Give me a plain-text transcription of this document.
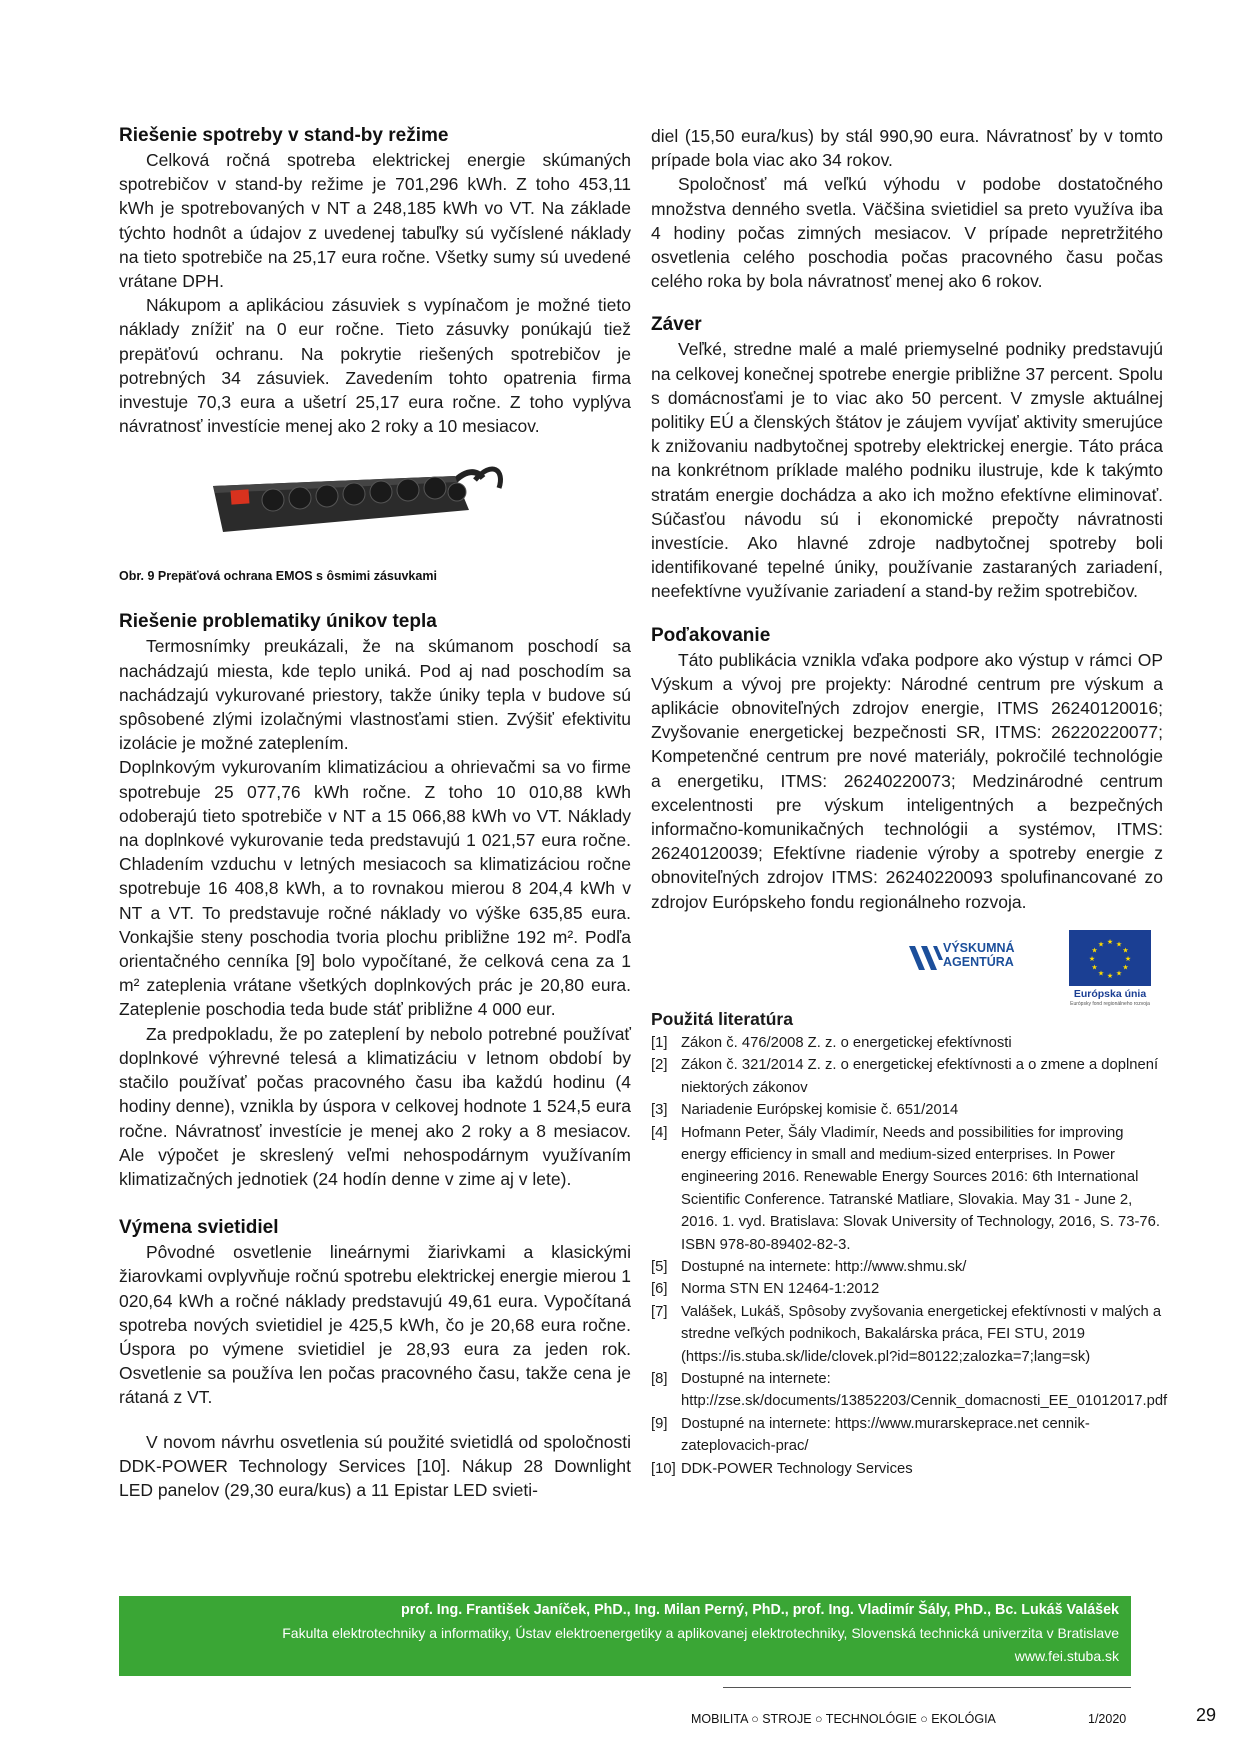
Riešenie spotreby v stand-by režime

Celková ročná spotreba elektrickej energie skúmaných spotrebičov v stand-by režime je 701,296 kWh. Z toho 453,11 kWh je spotrebovaných v NT a 248,185 kWh vo VT. Na základe týchto hodnôt a údajov z uvedenej tabuľky sú vyčíslené náklady na tieto spotrebiče na 25,17 eura ročne. Všetky sumy sú uvedené vrátane DPH.

Nákupom a aplikáciou zásuviek s vypínačom je možné tieto náklady znížiť na 0 eur ročne. Tieto zásuvky ponúkajú tiež prepäťovú ochranu. Na pokrytie riešených spotrebičov je potrebných 34 zásuviek. Zavedením tohto opatrenia firma investuje 70,3 eura a ušetrí 25,17 eura ročne. Z toho vyplýva návratnosť investície menej ako 2 roky a 10 mesiacov.

Obr. 9 Prepäťová ochrana EMOS s ôsmimi zásuvkami
Riešenie problematiky únikov tepla

Termosnímky preukázali, že na skúmanom poschodí sa nachádzajú miesta, kde teplo uniká. Pod aj nad poschodím sa nachádzajú vykurované priestory, takže úniky tepla v budove sú spôsobené zlými izolačnými vlastnosťami stien. Zvýšiť efektivitu izolácie je možné zateplením.

Doplnkovým vykurovaním klimatizáciou a ohrievačmi sa vo firme spotrebuje 25 077,76 kWh ročne. Z toho 10 010,88 kWh odoberajú tieto spotrebiče v NT a 15 066,88 kWh vo VT. Náklady na doplnkové vykurovanie teda predstavujú 1 021,57 eura ročne. Chladením vzduchu v letných mesiacoch sa klimatizáciou ročne spotrebuje 16 408,8 kWh, a to rovnakou mierou 8 204,4 kWh v NT a VT. To predstavuje ročné náklady vo výške 635,85 eura. Vonkajšie steny poschodia tvoria plochu približne 192 m². Podľa orientačného cenníka [9] bolo vypočítané, že celková cena za 1 m² zateplenia vrátane všetkých doplnkových prác je 20,80 eura. Zateplenie poschodia teda bude stáť približne 4 000 eur.

Za predpokladu, že po zateplení by nebolo potrebné používať doplnkové výhrevné telesá a klimatizáciu v letnom období by stačilo používať počas pracovného času iba každú hodinu (4 hodiny denne), vznikla by úspora v celkovej hodnote 1 524,5 eura ročne. Návratnosť investície je menej ako 2 roky a 8 mesiacov. Ale výpočet je skreslený veľmi nehospodárnym využívaním klimatizačných jednotiek (24 hodín denne v zime aj v lete).

Výmena svietidiel

Pôvodné osvetlenie lineárnymi žiarivkami a klasickými žiarovkami ovplyvňuje ročnú spotrebu elektrickej energie mierou 1 020,64 kWh a ročné náklady predstavujú 49,61 eura. Vypočítaná spotreba nových svietidiel je 425,5 kWh, čo je 20,68 eura ročne. Úspora po výmene svietidiel je 28,93 eura za jeden rok. Osvetlenie sa používa len počas pracovného času, takže cena je rátaná z VT.

V novom návrhu osvetlenia sú použité svietidlá od spoločnosti DDK-POWER Technology Services [10]. Nákup 28 Downlight LED panelov (29,30 eura/kus) a 11 Epistar LED svieti-

diel (15,50 eura/kus) by stál 990,90 eura. Návratnosť by v tomto prípade bola viac ako 34 rokov.

Spoločnosť má veľkú výhodu v podobe dostatočného množstva denného svetla. Väčšina svietidiel sa preto využíva iba 4 hodiny počas zimných mesiacov. V prípade nepretržitého osvetlenia celého poschodia počas pracovného času počas celého roka by bola návratnosť menej ako 6 rokov.

Záver

Veľké, stredne malé a malé priemyselné podniky predstavujú na celkovej konečnej spotrebe energie približne 37 percent. Spolu s domácnosťami je to viac ako 50 percent. V zmysle aktuálnej politiky EÚ a členských štátov je záujem vyvíjať aktivity smerujúce k znižovaniu nadbytočnej spotreby elektrickej energie. Táto práca na konkrétnom príklade malého podniku ilustruje, kde k takýmto stratám energie dochádza a ako ich možno efektívne eliminovať. Súčasťou návodu sú i ekonomické prepočty návratnosti investície. Ako hlavné zdroje nadbytočnej spotreby boli identifikované tepelné úniky, používanie zastaraných zariadení, neefektívne využívanie zariadení a stand-by režim spotrebičov.

Poďakovanie

Táto publikácia vznikla vďaka podpore ako výstup v rámci OP Výskum a vývoj pre projekty: Národné centrum pre výskum a aplikácie obnoviteľných zdrojov energie, ITMS 26240120016; Zvyšovanie energetickej bezpečnosti SR, ITMS: 26220220077; Kompetenčné centrum pre nové materiály, pokročilé technológie a energetiku, ITMS: 26240220073; Medzinárodné centrum excelentnosti pre výskum inteligentných a bezpečných informačno-komunikačných technológii a systémov, ITMS: 26240120039; Efektívne riadenie výroby a spotreby energie z obnoviteľných zdrojov ITMS: 26240220093 spolufinancované zo zdrojov Európskeho fondu regionálneho rozvoja.

VÝSKUMNÁ
AGENTÚRA
★ ★
★
★
★
★
★
★
★
★
★
★
Európska únia
Európsky fond regionálneho rozvoja
Použitá literatúra
[1] Zákon č. 476/2008 Z. z. o energetickej efektívnosti
[2] Zákon č. 321/2014 Z. z. o energetickej efektívnosti a o zmene a doplnení niektorých zákonov
[3] Nariadenie Európskej komisie č. 651/2014
[4] Hofmann Peter, Šály Vladimír, Needs and possibilities for improving energy efficiency in small and medium-sized enterprises. In Power engineering 2016. Renewable Energy Sources 2016: 6th International Scientific Conference. Tatranské Matliare, Slovakia. May 31 - June 2, 2016. 1. vyd. Bratislava: Slovak University of Technology, 2016, S. 73-76. ISBN 978-80-89402-82-3.
[5] Dostupné na internete: http://www.shmu.sk/
[6] Norma STN EN 12464-1:2012
[7] Valášek, Lukáš, Spôsoby zvyšovania energetickej efektívnosti v malých a stredne veľkých podnikoch, Bakalárska práca, FEI STU, 2019 (https://is.stuba.sk/lide/clovek.pl?id=80122;zalozka=7;lang=sk)
[8] Dostupné na internete: http://zse.sk/documents/13852203/Cennik_domacnosti_EE_01012017.pdf
[9] Dostupné na internete: https://www.murarskeprace.net cennik-zateplovacich-prac/
[10] DDK-POWER Technology Services
prof. Ing. František Janíček, PhD., Ing. Milan Perný, PhD., prof. Ing. Vladimír Šály, PhD., Bc. Lukáš Valášek
Fakulta elektrotechniky a informatiky, Ústav elektroenergetiky a aplikovanej elektrotechniky, Slovenská technická univerzita v Bratislave
www.fei.stuba.sk
MOBILITA ○ STROJE ○ TECHNOLÓGIE ○ EKOLÓGIA	1/2020	29
